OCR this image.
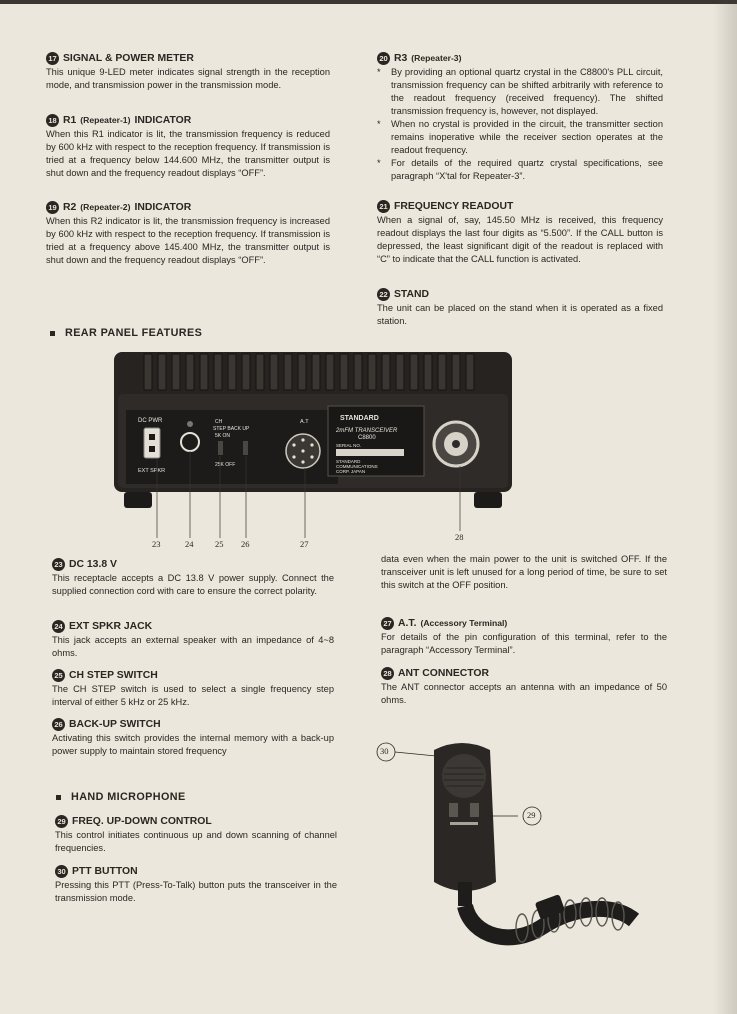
17 SIGNAL & POWER METER

This unique 9-LED meter indicates signal strength in the reception mode, and transmission power in the transmission mode.

18 R1 (Repeater-1) INDICATOR

When this R1 indicator is lit, the transmission frequency is reduced by 600 kHz with respect to the reception frequency. If transmission is tried at a frequency below 144.600 MHz, the transmitter output is shut down and the frequency readout displays “OFF”.

19 R2 (Repeater-2) INDICATOR

When this R2 indicator is lit, the transmission frequency is increased by 600 kHz with respect to the reception frequency. If transmission is tried at a frequency above 145.400 MHz, the transmitter output is shut down and the frequency readout displays “OFF”.

20 R3 (Repeater-3)
* By providing an optional quartz crystal in the C8800's PLL circuit, transmission frequency can be shifted arbitrarily with reference to the readout frequency (received frequency). The shifted transmission frequency is, however, not displayed.
* When no crystal is provided in the circuit, the transmitter section remains inoperative while the receiver section operates at the readout frequency.
* For details of the required quartz crystal specifications, see paragraph “X'tal for Repeater-3”.
21 FREQUENCY READOUT

When a signal of, say, 145.50 MHz is received, this frequency readout displays the last four digits as “5.500”. If the CALL button is depressed, the least significant digit of the readout is replaced with “C” to indicate that the CALL function is activated.

22 STAND

The unit can be placed on the stand when it is operated as a fixed station.

REAR PANEL FEATURES
DC PWR
EXT SPKR
CH
STEP BACK UP
5K ON
25K OFF
A.T	STANDARD
2mFM TRANSCEIVER
C8800
SERIAL NO.
STANDARD
COMMUNICATIONS
CORP. JAPAN
23	24	25 26	27
28
23 DC 13.8 V

This receptacle accepts a DC 13.8 V power supply. Connect the supplied connection cord with care to ensure the correct polarity.

24 EXT SPKR JACK

This jack accepts an external speaker with an impedance of 4~8 ohms.

25 CH STEP SWITCH

The CH STEP switch is used to select a single frequency step interval of either 5 kHz or 25 kHz.

26 BACK-UP SWITCH

Activating this switch provides the internal memory with a back-up power supply to maintain stored frequency

HAND MICROPHONE
29 FREQ. UP-DOWN CONTROL

This control initiates continuous up and down scanning of channel frequencies.

30 PTT BUTTON

Pressing this PTT (Press-To-Talk) button puts the transceiver in the transmission mode.

data even when the main power to the unit is switched OFF. If the transceiver unit is left unused for a long period of time, be sure to set this switch at the OFF position.

27 A.T. (Accessory Terminal)

For details of the pin configuration of this terminal, refer to the paragraph “Accessory Terminal”.

28 ANT CONNECTOR

The ANT connector accepts an antenna with an impedance of 50 ohms.

30
29
